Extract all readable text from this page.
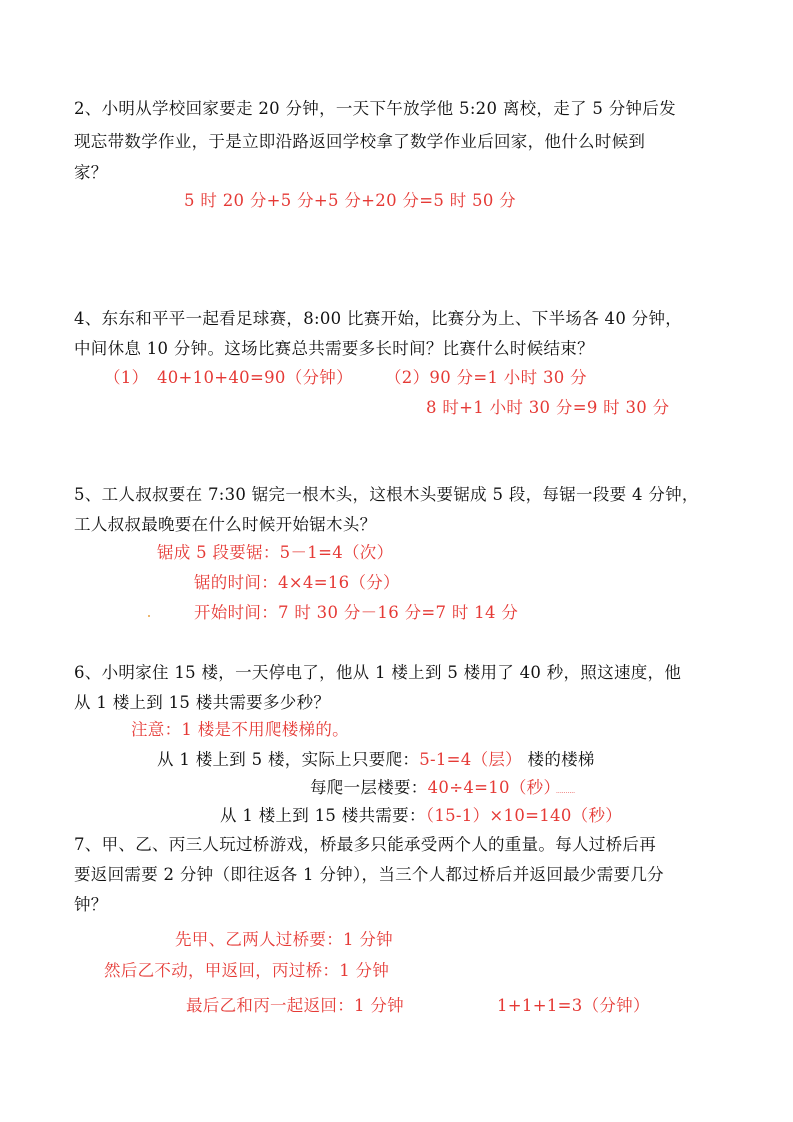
2、小明从学校回家要走 20 分钟，一天下午放学他 5:20 离校，走了 5 分钟后发
现忘带数学作业，于是立即沿路返回学校拿了数学作业后回家，他什么时候到
家？
5 时 20 分+5 分+5 分+20 分=5 时 50 分
4、东东和平平一起看足球赛，8:00 比赛开始，比赛分为上、下半场各 40 分钟，
中间休息 10 分钟。这场比赛总共需要多长时间？比赛什么时候结束？
（1）　40+10+40=90（分钟） （2）90 分=1 小时 30 分
8 时+1 小时 30 分=9 时 30 分
5、工人叔叔要在 7:30 锯完一根木头，这根木头要锯成 5 段，每锯一段要 4 分钟，
工人叔叔最晚要在什么时候开始锯木头？
锯成 5 段要锯：5－1=4（次）
锯的时间：4×4=16（分）
开始时间：7 时 30 分－16 分=7 时 14 分
6、小明家住 15 楼，一天停电了，他从 1 楼上到 5 楼用了 40 秒，照这速度，他
从 1 楼上到 15 楼共需要多少秒？
注意：1 楼是不用爬楼梯的。
从 1 楼上到 5 楼，实际上只要爬：5-1=4（层） 楼的楼梯
每爬一层楼要：40÷4=10（秒）
..........
从 1 楼上到 15 楼共需要：（15-1）×10=140（秒）
7、甲、乙、丙三人玩过桥游戏，桥最多只能承受两个人的重量。每人过桥后再
要返回需要 2 分钟（即往返各 1 分钟），当三个人都过桥后并返回最少需要几分
钟？
先甲、乙两人过桥要：1 分钟
然后乙不动，甲返回，丙过桥：1 分钟
最后乙和丙一起返回：1 分钟	1+1+1=3（分钟）
